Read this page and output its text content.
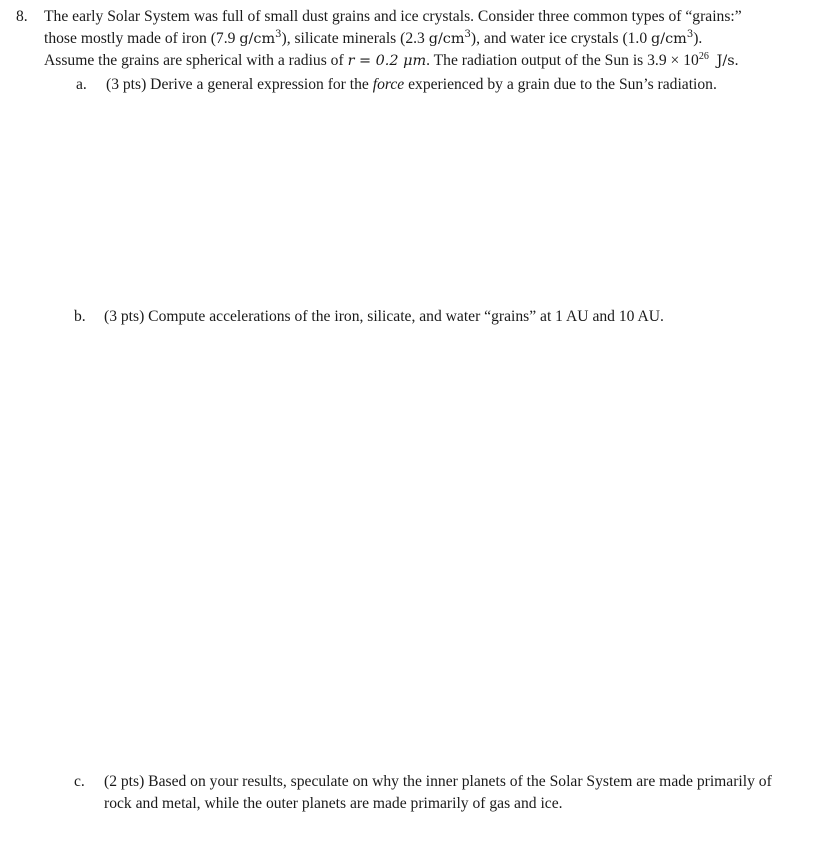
8. The early Solar System was full of small dust grains and ice crystals. Consider three common types of “grains:”
those mostly made of iron (7.9 $g/cm^3$), silicate minerals (2.3 $g/cm^3$), and water ice crystals (1.0 $g/cm^3$).
Assume the grains are spherical with a radius of r = 0.2 μm. The radiation output of the Sun is $3.9 \times 10^{26}$ J/s.
a. (3 pts) Derive a general expression for the force experienced by a grain due to the Sun’s radiation.
b. (3 pts) Compute accelerations of the iron, silicate, and water “grains” at 1 AU and 10 AU.
c. (2 pts) Based on your results, speculate on why the inner planets of the Solar System are made primarily of rock and metal, while the outer planets are made primarily of gas and ice.
